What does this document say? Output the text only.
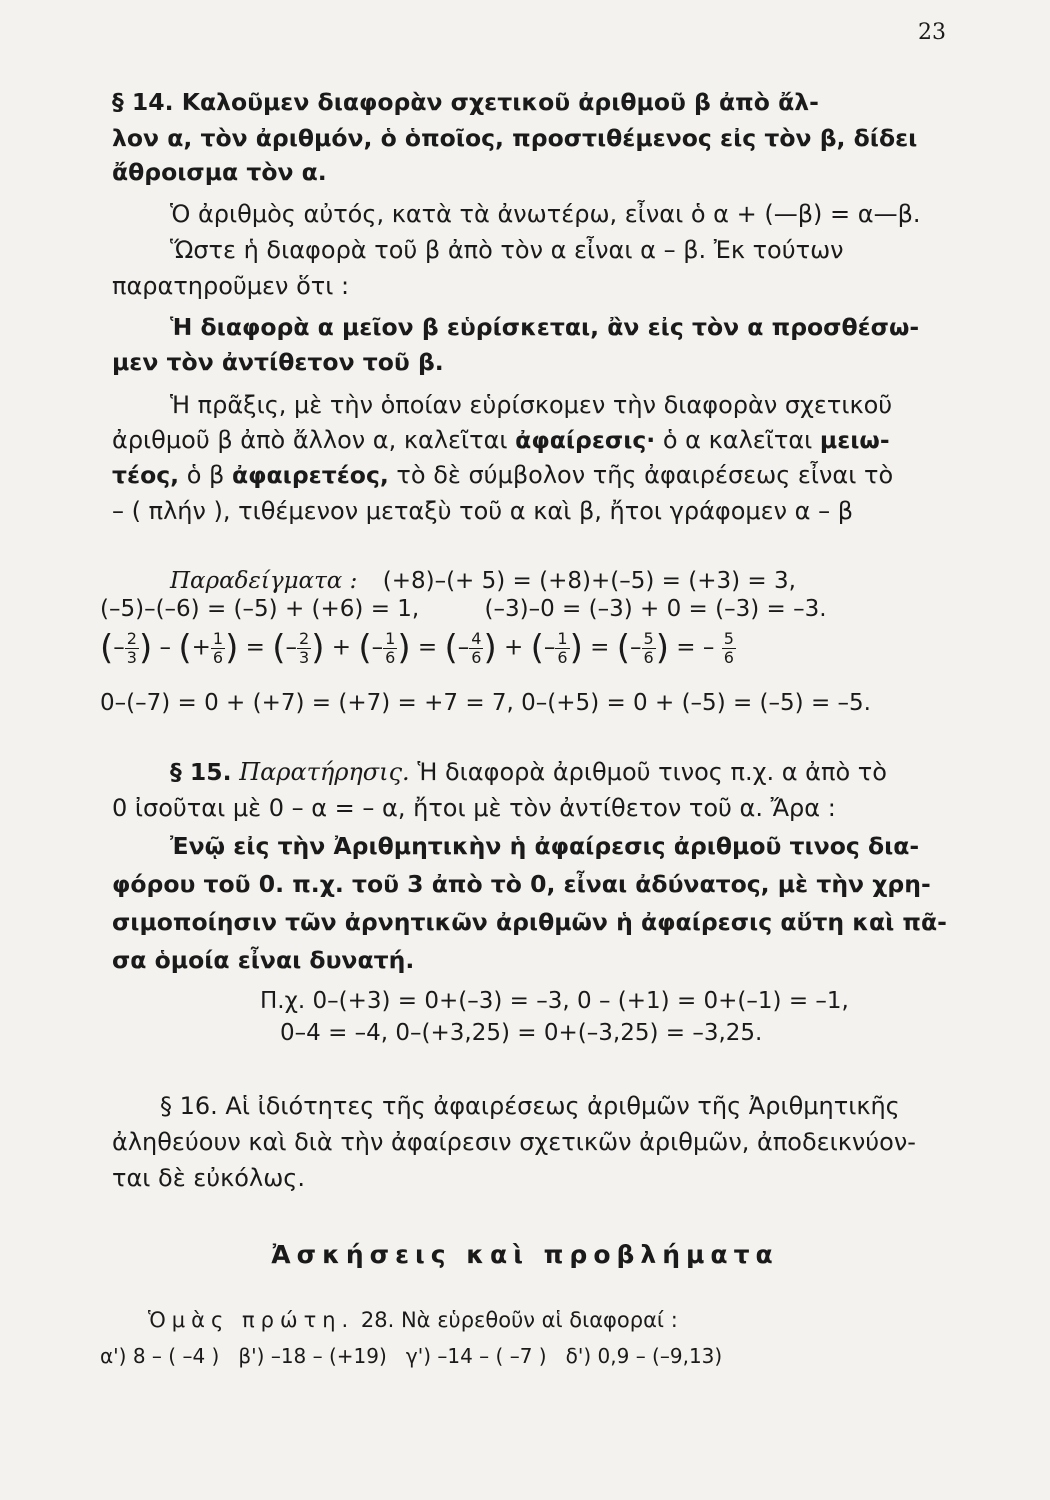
23
§ 14. Καλοῦμεν διαφορὰν σχετικοῦ ἀριθμοῦ β ἀπὸ ἄλ-
λον α, τὸν ἀριθμόν, ὁ ὁποῖος, προστιθέμενος εἰς τὸν β, δίδει
ἄθροισμα τὸν α.
Ὁ ἀριθμὸς αὐτός, κατὰ τὰ ἀνωτέρω, εἶναι ὁ α + (—β) = α—β.
Ὥστε ἡ διαφορὰ τοῦ β ἀπὸ τὸν α εἶναι α – β. Ἐκ τούτων
παρατηροῦμεν ὅτι :
Ἡ διαφορὰ α μεῖον β εὑρίσκεται, ἂν εἰς τὸν α προσθέσω-
μεν τὸν ἀντίθετον τοῦ β.
Ἡ πρᾶξις, μὲ τὴν ὁποίαν εὑρίσκομεν τὴν διαφορὰν σχετικοῦ
ἀριθμοῦ β ἀπὸ ἄλλον α, καλεῖται ἀφαίρεσις· ὁ α καλεῖται μειω-
τέος, ὁ β ἀφαιρετέος, τὸ δὲ σύμβολον τῆς ἀφαιρέσεως εἶναι τὸ
– ( πλήν ), τιθέμενον μεταξὺ τοῦ α καὶ β, ἤτοι γράφομεν α – β
Παραδείγματα : (+8)–(+ 5) = (+8)+(–5) = (+3) = 3,
(–5)–(–6) = (–5) + (+6) = 1,	(–3)–0 = (–3) + 0 = (–3) = –3.
(– $\frac{2}{3}$ ) – (+ $\frac{1}{6}$ ) = (– $\frac{2}{3}$ ) + (– $\frac{1}{6}$ ) = (– $\frac{4}{6}$ ) + (– $\frac{1}{6}$ ) = (– $\frac{5}{6}$ ) = – $\frac{5}{6}$
0–(–7) = 0 + (+7) = (+7) = +7 = 7, 0–(+5) = 0 + (–5) = (–5) = –5.
§ 15. Παρατήρησις. Ἡ διαφορὰ ἀριθμοῦ τινος π.χ. α ἀπὸ τὸ
0 ἰσοῦται μὲ 0 – α = – α, ἤτοι μὲ τὸν ἀντίθετον τοῦ α. Ἄρα :
Ἐνῷ εἰς τὴν Ἀριθμητικὴν ἡ ἀφαίρεσις ἀριθμοῦ τινος δια-
φόρου τοῦ 0. π.χ. τοῦ 3 ἀπὸ τὸ 0, εἶναι ἀδύνατος, μὲ τὴν χρη-
σιμοποίησιν τῶν ἀρνητικῶν ἀριθμῶν ἡ ἀφαίρεσις αὕτη καὶ πᾶ-
σα ὁμοία εἶναι δυνατή.
Π.χ. 0–(+3) = 0+(–3) = –3, 0 – (+1) = 0+(–1) = –1,
0–4 = –4, 0–(+3,25) = 0+(–3,25) = –3,25.
§ 16. Αἱ ἰδιότητες τῆς ἀφαιρέσεως ἀριθμῶν τῆς Ἀριθμητικῆς
ἀληθεύουν καὶ διὰ τὴν ἀφαίρεσιν σχετικῶν ἀριθμῶν, ἀποδεικνύον-
ται δὲ εὐκόλως.
Ἀσκήσεις καὶ προβλήματα
Ὁμὰς πρώτη. 28. Νὰ εὑρεθοῦν αἱ διαφοραί :
α') 8 – ( –4 )   β') –18 – (+19)   γ') –14 – ( –7 )   δ') 0,9 – (–9,13)
